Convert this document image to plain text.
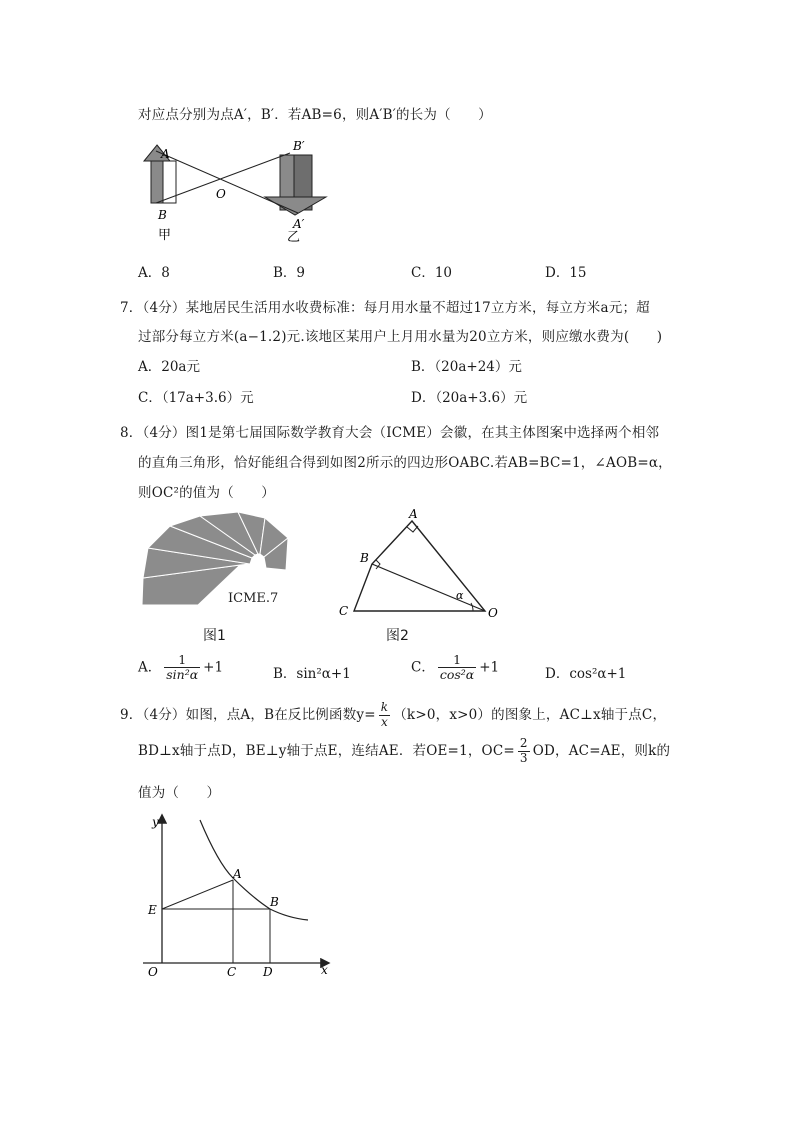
对应点分别为点A′，B′．若AB=6，则A′B′的长为（　　）
A
B
O
B′
A′
甲	乙
A．8	B．9	C．10	D．15
7．（4分）某地居民生活用水收费标准：每月用水量不超过17立方米，每立方米a元；超
过部分每立方米(a−1.2)元.该地区某用户上月用水量为20立方米，则应缴水费为(　　)
A．20a元	B．（20a+24）元
C．（17a+3.6）元	D．（20a+3.6）元
8．（4分）图1是第七届国际数学教育大会（ICME）会徽，在其主体图案中选择两个相邻
的直角三角形，恰好能组合得到如图2所示的四边形OABC.若AB=BC=1，∠AOB=α，
则OC²的值为（　　）
ICME.7
图1
A
B
C	O
α
图2
A． $\frac{1}{\text{sin²α}} +1$	B．sin²α+1	C． $\frac{1}{\text{cos²α}} +1$	D．cos²α+1
9．（4分）如图，点A，B在反比例函数$y= \frac{k}{x} (k>0$，x>0）的图象上，AC⊥x轴于点C，
BD⊥x轴于点D，BE⊥y轴于点E，连结AE．若OE=1，$OC= \frac{2}{3}$ OD，AC=AE，则k的
值为（　　）
y
x
O
E
A
B
C D
